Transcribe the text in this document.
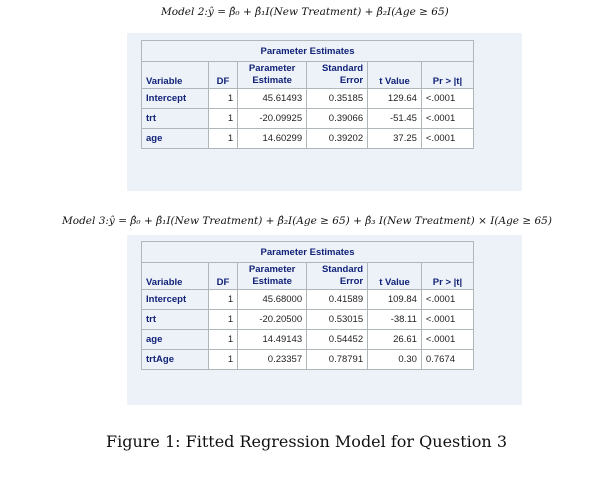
Model 2:ŷ = β̂₀ + β̂₁I(New Treatment) + β̂₂I(Age ≥ 65)
Parameter Estimates					
Variable	DF	Parameter Estimate	Standard Error	t Value	Pr > |t|
Intercept	1	45.61493	0.35185	129.64	<.0001
trt	1	-20.09925	0.39066	-51.45	<.0001
age	1	14.60299	0.39202	37.25	<.0001
Model 3:ŷ = β̂₀ + β̂₁I(New Treatment) + β̂₂I(Age ≥ 65) + β̂₃ I(New Treatment) × I(Age ≥ 65)
Parameter Estimates					
Variable	DF	Parameter Estimate	Standard Error	t Value	Pr > |t|
Intercept	1	45.68000	0.41589	109.84	<.0001
trt	1	-20.20500	0.53015	-38.11	<.0001
age	1	14.49143	0.54452	26.61	<.0001
trtAge	1	0.23357	0.78791	0.30	0.7674
Figure 1: Fitted Regression Model for Question 3
